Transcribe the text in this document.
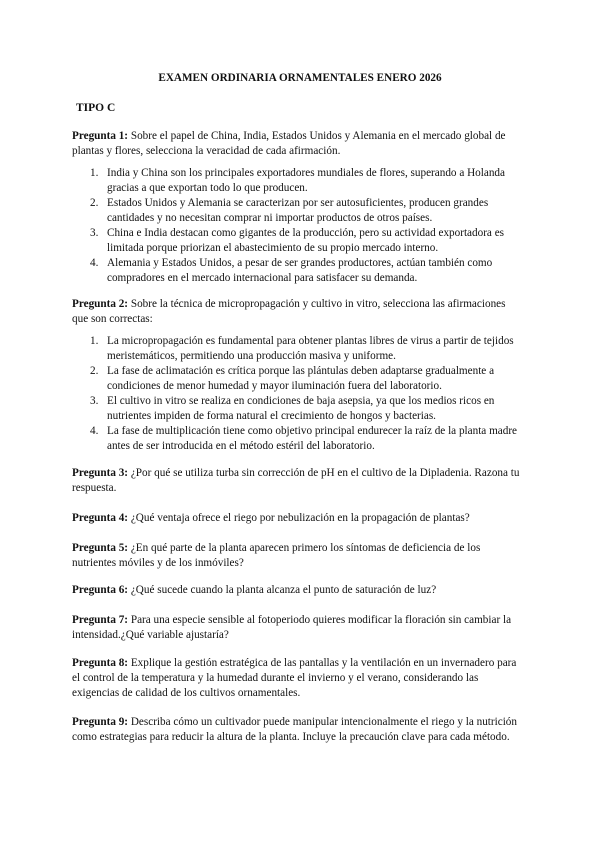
EXAMEN ORDINARIA ORNAMENTALES ENERO 2026
TIPO C

Pregunta 1: Sobre el papel de China, India, Estados Unidos y Alemania en el mercado global de plantas y flores, selecciona la veracidad de cada afirmación.

1. India y China son los principales exportadores mundiales de flores, superando a Holanda gracias a que exportan todo lo que producen.
2. Estados Unidos y Alemania se caracterizan por ser autosuficientes, producen grandes cantidades y no necesitan comprar ni importar productos de otros países.
3. China e India destacan como gigantes de la producción, pero su actividad exportadora es limitada porque priorizan el abastecimiento de su propio mercado interno.
4. Alemania y Estados Unidos, a pesar de ser grandes productores, actúan también como compradores en el mercado internacional para satisfacer su demanda.

Pregunta 2: Sobre la técnica de micropropagación y cultivo in vitro, selecciona las afirmaciones que son correctas:

1. La micropropagación es fundamental para obtener plantas libres de virus a partir de tejidos meristemáticos, permitiendo una producción masiva y uniforme.
2. La fase de aclimatación es crítica porque las plántulas deben adaptarse gradualmente a condiciones de menor humedad y mayor iluminación fuera del laboratorio.
3. El cultivo in vitro se realiza en condiciones de baja asepsia, ya que los medios ricos en nutrientes impiden de forma natural el crecimiento de hongos y bacterias.
4. La fase de multiplicación tiene como objetivo principal endurecer la raíz de la planta madre antes de ser introducida en el método estéril del laboratorio.

Pregunta 3: ¿Por qué se utiliza turba sin corrección de pH en el cultivo de la Dipladenia. Razona tu respuesta.

Pregunta 4: ¿Qué ventaja ofrece el riego por nebulización en la propagación de plantas?

Pregunta 5: ¿En qué parte de la planta aparecen primero los síntomas de deficiencia de los nutrientes móviles y de los inmóviles?

Pregunta 6: ¿Qué sucede cuando la planta alcanza el punto de saturación de luz?

Pregunta 7: Para una especie sensible al fotoperiodo quieres modificar la floración sin cambiar la intensidad.¿Qué variable ajustaría?

Pregunta 8: Explique la gestión estratégica de las pantallas y la ventilación en un invernadero para el control de la temperatura y la humedad durante el invierno y el verano, considerando las exigencias de calidad de los cultivos ornamentales.

Pregunta 9: Describa cómo un cultivador puede manipular intencionalmente el riego y la nutrición como estrategias para reducir la altura de la planta. Incluye la precaución clave para cada método.
